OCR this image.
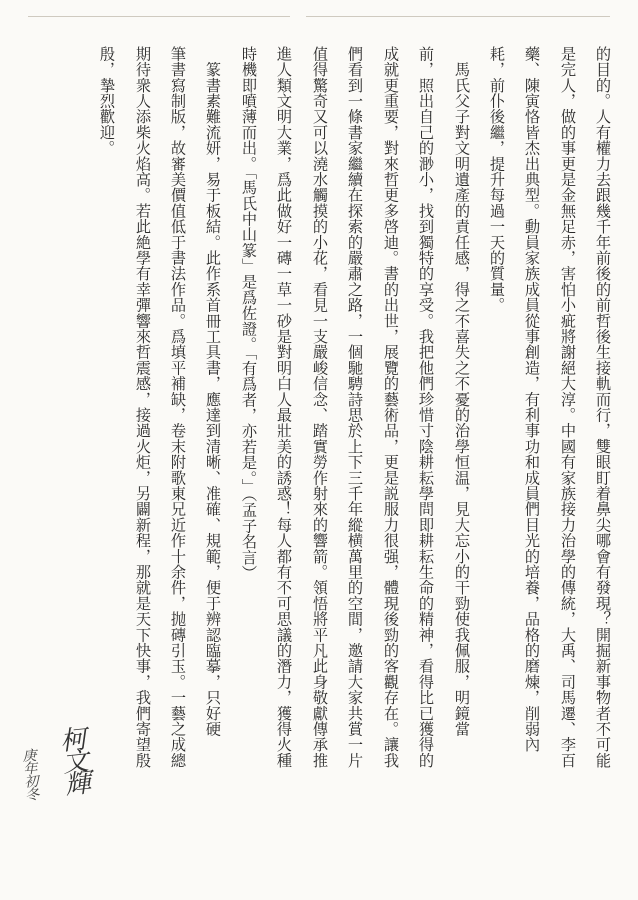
的目的。人有權力去跟幾千年前後的前哲後生接軌而行，雙眼盯着鼻尖哪會有發現？開掘新事物者不可能
是完人，做的事更是金無足赤，害怕小疵將謝絕大淳。中國有家族接力治學的傳統，大禹、司馬遷、李百
藥、陳寅恪皆杰出典型。動員家族成員從事創造，有利事功和成員們目光的培養，品格的磨煉，削弱內
耗，前仆後繼，提升每過一天的質量。
　馬氏父子對文明遺產的責任感，得之不喜失之不憂的治學恒温，見大忘小的干勁使我佩服，明鏡當
前，照出自己的渺小，找到獨特的享受。我把他們珍惜寸陰耕耘學問即耕耘生命的精神，看得比已獲得的
成就更重要，對來哲更多啓迪。書的出世，展覽的藝術品，更是説服力很强，體現後勁的客觀存在。讓我
們看到一條書家繼續在探索的嚴肅之路，一個馳騁詩思於上下三千年縱横萬里的空間，邀請大家共賞一片
值得驚奇又可以澆水觸摸的小花，看見一支嚴峻信念、踏實勞作射來的響箭。領悟將平凡此身敬獻傳承推
進人類文明大業，爲此做好一磚一草一砂是對明白人最壯美的誘惑！每人都有不可思議的潛力，獲得火種
時機即噴薄而出。「馬氏中山篆」是爲佐證。「有爲者，亦若是。」（孟子名言）
　篆書素難流妍，易于板結。此作系首冊工具書，應達到清晰、准確、規範，便于辨認臨摹，只好硬
筆書寫制版，故審美價值低于書法作品。爲填平補缺，卷末附歌東兄近作十余件，抛磚引玉。一藝之成總
期待衆人添柴火焰高。若此絶學有幸彈響來哲震感，接過火炬，另闢新程，那就是天下快事，我們寄望殷
殷，摯烈歡迎。
柯文輝
庚年初冬
